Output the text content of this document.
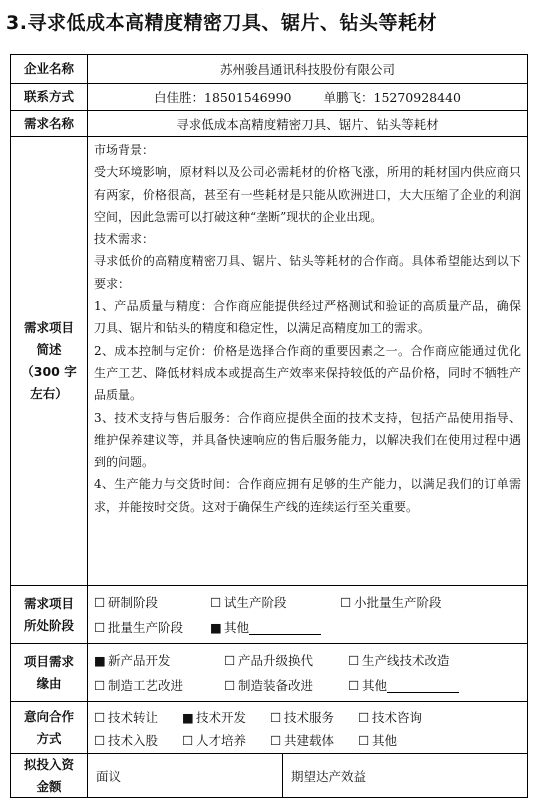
3.寻求低成本高精度精密刀具、锯片、钻头等耗材
企业名称	苏州骏昌通讯科技股份有限公司
联系方式	白佳胜：18501546990	单鹏飞：15270928440
需求名称	寻求低成本高精度精密刀具、锯片、钻头等耗材
需求项目
简述
（300 字
左右）

市场背景：

受大环境影响，原材料以及公司必需耗材的价格飞涨，所用的耗材国内供应商只有两家，价格很高，甚至有一些耗材是只能从欧洲进口，大大压缩了企业的利润空间，因此急需可以打破这种“垄断”现状的企业出现。

技术需求：

寻求低价的高精度精密刀具、锯片、钻头等耗材的合作商。具体希望能达到以下要求：

1、产品质量与精度：合作商应能提供经过严格测试和验证的高质量产品，确保刀具、锯片和钻头的精度和稳定性，以满足高精度加工的需求。

2、成本控制与定价：价格是选择合作商的重要因素之一。合作商应能通过优化生产工艺、降低材料成本或提高生产效率来保持较低的产品价格，同时不牺牲产品质量。

3、技术支持与售后服务：合作商应提供全面的技术支持，包括产品使用指导、维护保养建议等，并具备快速响应的售后服务能力，以解决我们在使用过程中遇到的问题。

4、生产能力与交货时间：合作商应拥有足够的生产能力，以满足我们的订单需求，并能按时交货。这对于确保生产线的连续运行至关重要。

需求项目
所处阶段
☐ 研制阶段	☐ 试生产阶段	☐ 小批量生产阶段
☐ 批量生产阶段 ■ 其他
项目需求
缘由
■ 新产品开发	☐ 产品升级换代	☐ 生产线技术改造
☐ 制造工艺改进	☐ 制造装备改进	☐ 其他
意向合作
方式
☐ 技术转让 ■ 技术开发 ☐ 技术服务 ☐ 技术咨询
☐ 技术入股 ☐ 人才培养 ☐ 共建载体 ☐ 其他
拟投入资
金额
面议	期望达产效益
